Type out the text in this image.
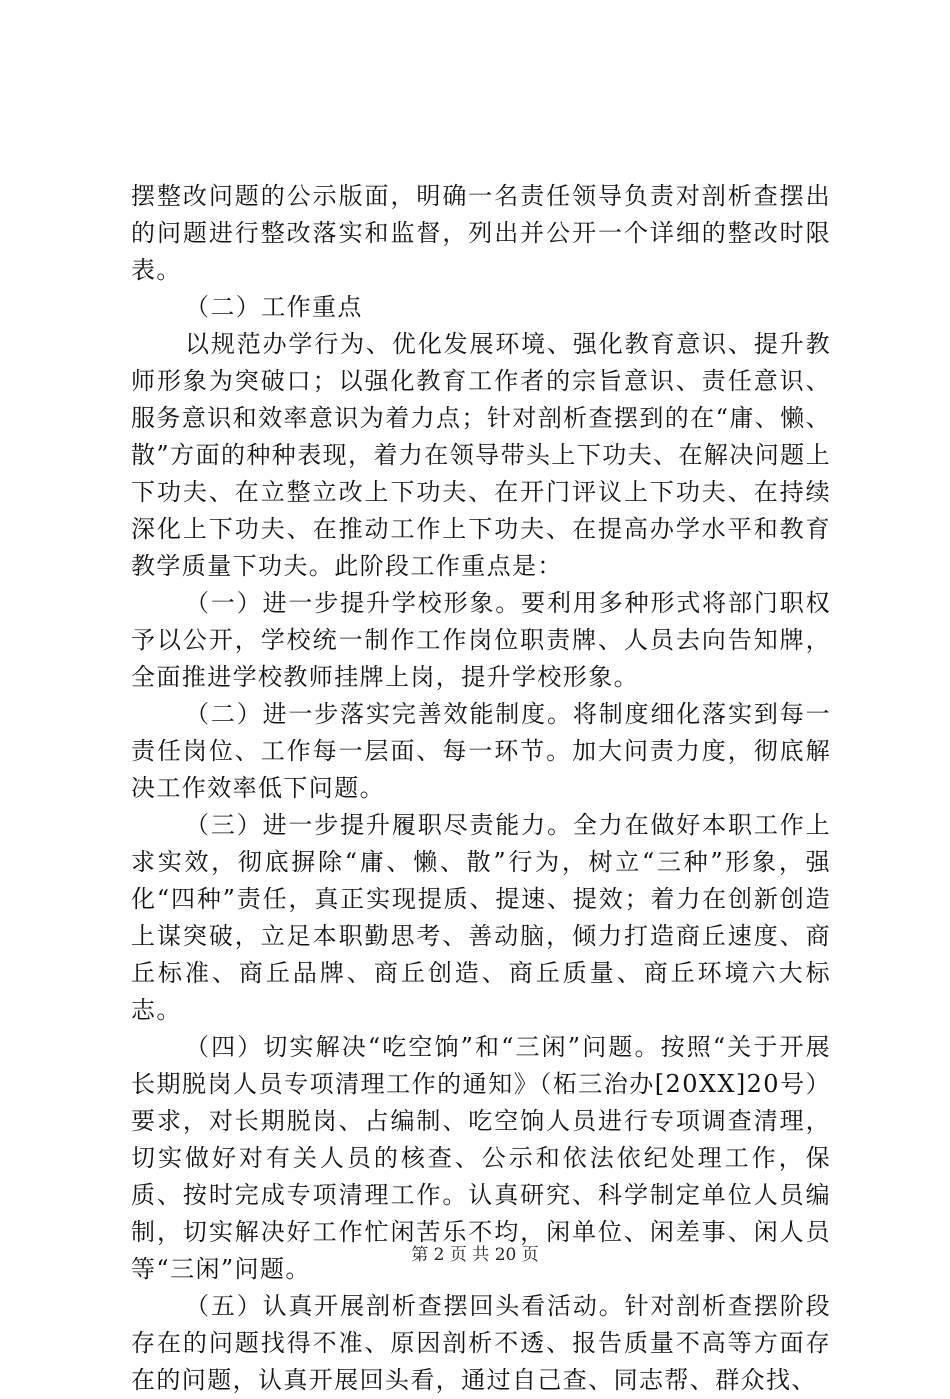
摆整改问题的公示版面，明确一名责任领导负责对剖析查摆出的问题进行整改落实和监督，列出并公开一个详细的整改时限表。

（二）工作重点

以规范办学行为、优化发展环境、强化教育意识、提升教师形象为突破口；以强化教育工作者的宗旨意识、责任意识、服务意识和效率意识为着力点；针对剖析查摆到的在“庸、懒、散”方面的种种表现，着力在领导带头上下功夫、在解决问题上下功夫、在立整立改上下功夫、在开门评议上下功夫、在持续深化上下功夫、在推动工作上下功夫、在提高办学水平和教育教学质量下功夫。此阶段工作重点是：

（一）进一步提升学校形象。要利用多种形式将部门职权予以公开，学校统一制作工作岗位职责牌、人员去向告知牌，全面推进学校教师挂牌上岗，提升学校形象。

（二）进一步落实完善效能制度。将制度细化落实到每一责任岗位、工作每一层面、每一环节。加大问责力度，彻底解决工作效率低下问题。

（三）进一步提升履职尽责能力。全力在做好本职工作上求实效，彻底摒除“庸、懒、散”行为，树立“三种”形象，强化“四种”责任，真正实现提质、提速、提效；着力在创新创造上谋突破，立足本职勤思考、善动脑，倾力打造商丘速度、商丘标准、商丘品牌、商丘创造、商丘质量、商丘环境六大标志。

（四）切实解决“吃空饷”和“三闲”问题。按照“关于开展长期脱岗人员专项清理工作的通知》（柘三治办[20XX]20号）要求，对长期脱岗、占编制、吃空饷人员进行专项调查清理，切实做好对有关人员的核查、公示和依法依纪处理工作，保质、按时完成专项清理工作。认真研究、科学制定单位人员编制，切实解决好工作忙闲苦乐不均，闲单位、闲差事、闲人员等“三闲”问题。

（五）认真开展剖析查摆回头看活动。针对剖析查摆阶段存在的问题找得不准、原因剖析不透、报告质量不高等方面存在的问题，认真开展回头看，通过自己查、同志帮、群众找、

第 2 页 共 20 页
